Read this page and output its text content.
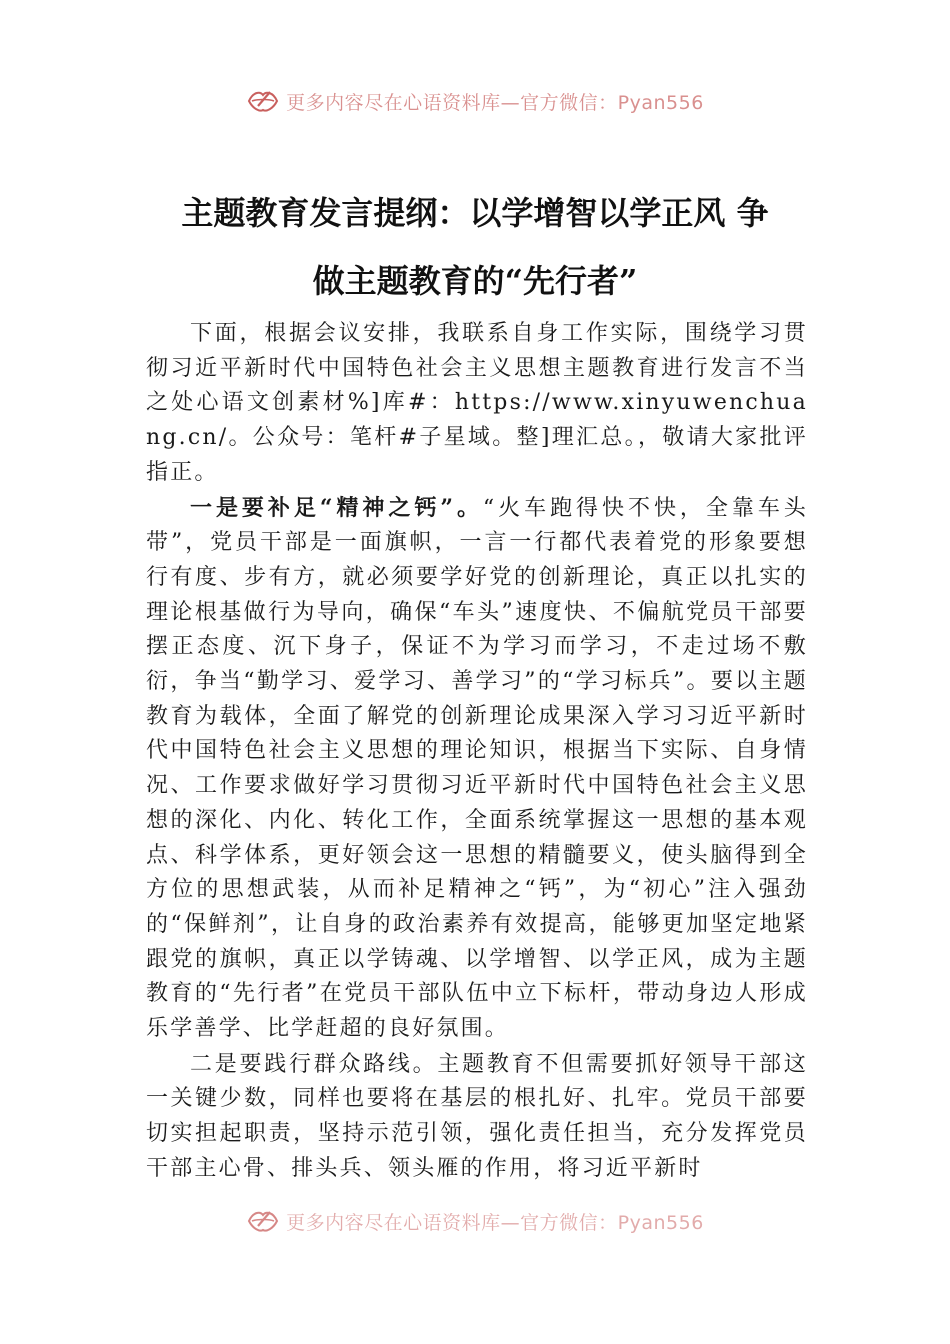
更多内容尽在心语资料库—官方微信：Pyan556
主题教育发言提纲：以学增智以学正风 争
做主题教育的“先行者”

下面，根据会议安排，我联系自身工作实际，围绕学习贯彻习近平新时代中国特色社会主义思想主题教育进行发言不当之处心语文创素材%]库#：https://www.xinyuwenchuang.cn/。公众号：笔杆#子星域。整]理汇总。，敬请大家批评指正。

一是要补足“精神之钙”。“火车跑得快不快，全靠车头带”，党员干部是一面旗帜，一言一行都代表着党的形象要想行有度、步有方，就必须要学好党的创新理论，真正以扎实的理论根基做行为导向，确保“车头”速度快、不偏航党员干部要摆正态度、沉下身子，保证不为学习而学习，不走过场不敷衍，争当“勤学习、爱学习、善学习”的“学习标兵”。要以主题教育为载体，全面了解党的创新理论成果深入学习习近平新时代中国特色社会主义思想的理论知识，根据当下实际、自身情况、工作要求做好学习贯彻习近平新时代中国特色社会主义思想的深化、内化、转化工作，全面系统掌握这一思想的基本观点、科学体系，更好领会这一思想的精髓要义，使头脑得到全方位的思想武装，从而补足精神之“钙”，为“初心”注入强劲的“保鲜剂”，让自身的政治素养有效提高，能够更加坚定地紧跟党的旗帜，真正以学铸魂、以学增智、以学正风，成为主题教育的“先行者”在党员干部队伍中立下标杆，带动身边人形成乐学善学、比学赶超的良好氛围。

二是要践行群众路线。主题教育不但需要抓好领导干部这一关键少数，同样也要将在基层的根扎好、扎牢。党员干部要切实担起职责，坚持示范引领，强化责任担当，充分发挥党员干部主心骨、排头兵、领头雁的作用，将习近平新时

更多内容尽在心语资料库—官方微信：Pyan556
